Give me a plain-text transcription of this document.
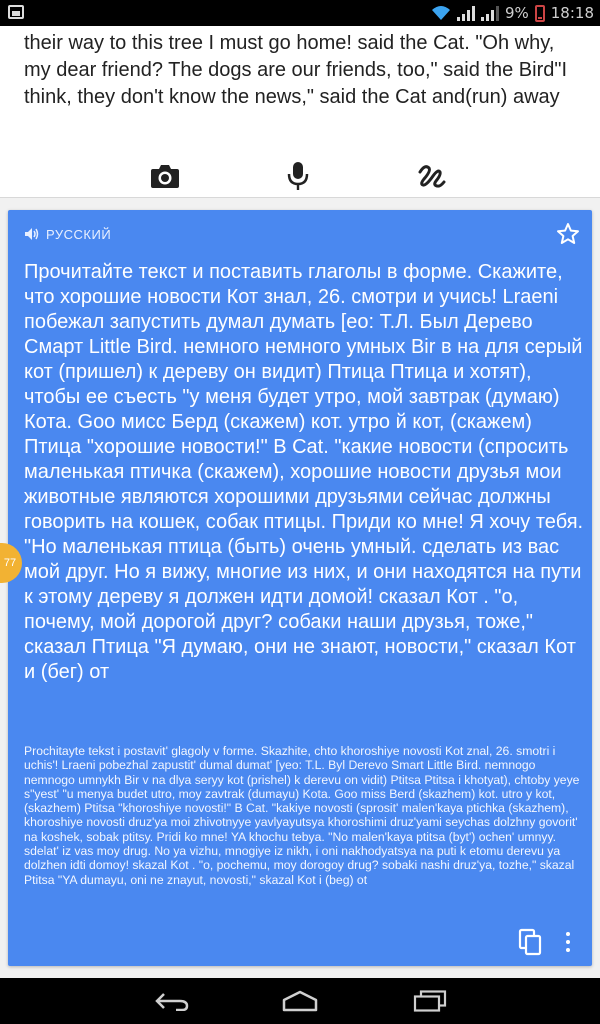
9% 18:18
their way to this tree I must go home! said the Cat. "Oh why, my dear friend? The dogs are our friends, too," said the Bird"I think, they don't know the news," said the Cat and(run) away
РУССКИЙ
Прочитайте текст и поставить глаголы в форме. Скажите, что хорошие новости Кот знал, 26. смотри и учись! Lraeni побежал запустить думал думать [ео: Т.Л. Был Дерево Смарт Little Bird. немного немного умных Bir в на для серый кот (пришел) к дереву он видит) Птица Птица и хотят), чтобы ее съесть "у меня будет утро, мой завтрак (думаю) Кота. Goo мисс Берд (скажем) кот. утро й кот, (скажем) Птица "хорошие новости!" В Cat. "какие новости (спросить маленькая птичка (скажем), хорошие новости друзья мои животные являются хорошими друзьями сейчас должны говорить на кошек, собак птицы. Приди ко мне! Я хочу тебя. "Но маленькая птица (быть) очень умный. сделать из вас мой друг. Но я вижу, многие из них, и они находятся на пути к этому дереву я должен идти домой! сказал Кот . "о, почему, мой дорогой друг? собаки наши друзья, тоже," сказал Птица "Я думаю, они не знают, новости," сказал Кот и (бег) от
Prochitayte tekst i postavit' glagoly v forme. Skazhite, chto khoroshiye novosti Kot znal, 26. smotri i uchis'! Lraeni pobezhal zapustit' dumal dumat' [yeo: T.L. Byl Derevo Smart Little Bird. nemnogo nemnogo umnykh Bir v na dlya seryy kot (prishel) k derevu on vidit) Ptitsa Ptitsa i khotyat), chtoby yeye s"yest' "u menya budet utro, moy zavtrak (dumayu) Kota. Goo miss Berd (skazhem) kot. utro y kot, (skazhem) Ptitsa "khoroshiye novosti!" B Cat. "kakiye novosti (sprosit' malen'kaya ptichka (skazhem), khoroshiye novosti druz'ya moi zhivotnyye yavlyayutsya khoroshimi druz'yami seychas dolzhny govorit' na koshek, sobak ptitsy. Pridi ko mne! YA khochu tebya. "No malen'kaya ptitsa (byt') ochen' umnyy. sdelat' iz vas moy drug. No ya vizhu, mnogiye iz nikh, i oni nakhodyatsya na puti k etomu derevu ya dolzhen idti domoy! skazal Kot . "o, pochemu, moy dorogoy drug? sobaki nashi druz'ya, tozhe," skazal Ptitsa "YA dumayu, oni ne znayut, novosti," skazal Kot i (beg) ot
77
